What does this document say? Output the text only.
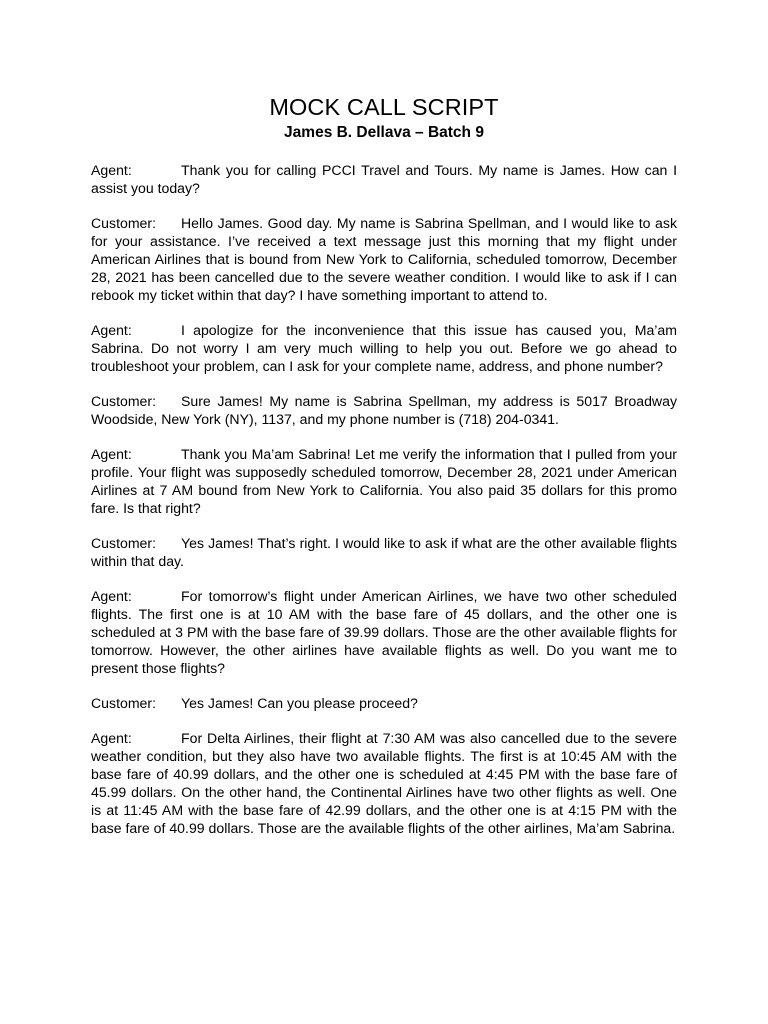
MOCK CALL SCRIPT
James B. Dellava – Batch 9

Agent:	Thank you for calling PCCI Travel and Tours. My name is James. How can I assist you today?

Customer: Hello James. Good day. My name is Sabrina Spellman, and I would like to ask for your assistance. I’ve received a text message just this morning that my flight under American Airlines that is bound from New York to California, scheduled tomorrow, December 28, 2021 has been cancelled due to the severe weather condition. I would like to ask if I can rebook my ticket within that day? I have something important to attend to.

Agent:	I apologize for the inconvenience that this issue has caused you, Ma’am Sabrina. Do not worry I am very much willing to help you out. Before we go ahead to troubleshoot your problem, can I ask for your complete name, address, and phone number?

Customer: Sure James! My name is Sabrina Spellman, my address is 5017 Broadway Woodside, New York (NY), 1137, and my phone number is (718) 204-0341.

Agent:	Thank you Ma’am Sabrina! Let me verify the information that I pulled from your profile. Your flight was supposedly scheduled tomorrow, December 28, 2021 under American Airlines at 7 AM bound from New York to California. You also paid 35 dollars for this promo fare. Is that right?

Customer: Yes James! That’s right. I would like to ask if what are the other available flights within that day.

Agent:	For tomorrow’s flight under American Airlines, we have two other scheduled flights. The first one is at 10 AM with the base fare of 45 dollars, and the other one is scheduled at 3 PM with the base fare of 39.99 dollars. Those are the other available flights for tomorrow. However, the other airlines have available flights as well. Do you want me to present those flights?

Customer: Yes James! Can you please proceed?

Agent:	For Delta Airlines, their flight at 7:30 AM was also cancelled due to the severe weather condition, but they also have two available flights. The first is at 10:45 AM with the base fare of 40.99 dollars, and the other one is scheduled at 4:45 PM with the base fare of 45.99 dollars. On the other hand, the Continental Airlines have two other flights as well. One is at 11:45 AM with the base fare of 42.99 dollars, and the other one is at 4:15 PM with the base fare of 40.99 dollars. Those are the available flights of the other airlines, Ma’am Sabrina.
